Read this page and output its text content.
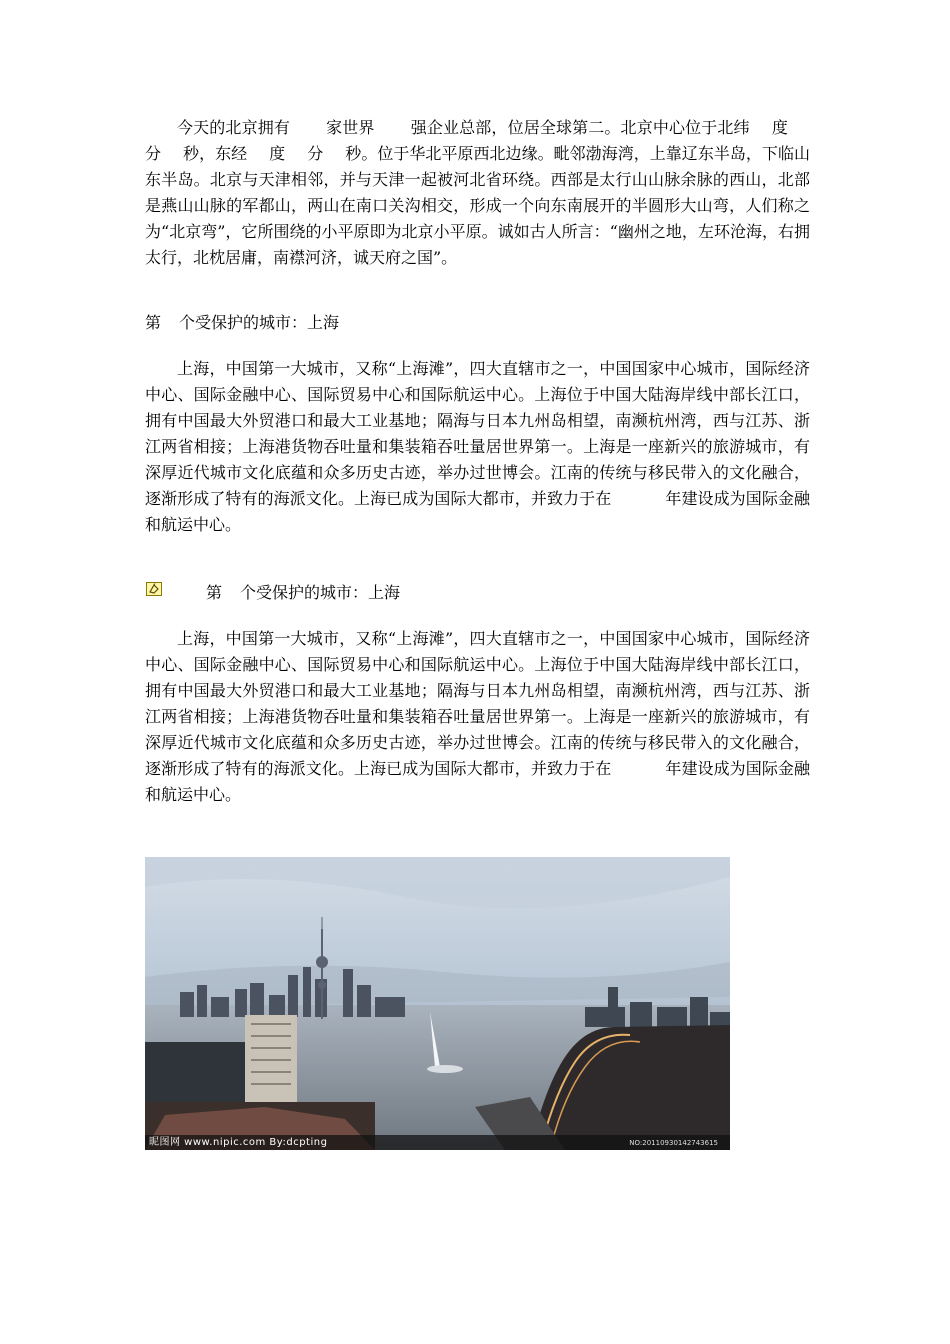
今天的北京拥有 家世界 强企业总部，位居全球第二。北京中心位于北纬 度分 秒，东经 度 分 秒。位于华北平原西北边缘。毗邻渤海湾，上靠辽东半岛，下临山东半岛。北京与天津相邻，并与天津一起被河北省环绕。西部是太行山山脉余脉的西山，北部是燕山山脉的军都山，两山在南口关沟相交，形成一个向东南展开的半圆形大山弯，人们称之为“北京弯”，它所围绕的小平原即为北京小平原。诚如古人所言：“幽州之地，左环沧海，右拥太行，北枕居庸，南襟河济，诚天府之国”。

第 个受保护的城市：上海

上海，中国第一大城市，又称“上海滩”，四大直辖市之一，中国国家中心城市，国际经济中心、国际金融中心、国际贸易中心和国际航运中心。上海位于中国大陆海岸线中部长江口，拥有中国最大外贸港口和最大工业基地；隔海与日本九州岛相望，南濒杭州湾，西与江苏、浙江两省相接；上海港货物吞吐量和集装箱吞吐量居世界第一。上海是一座新兴的旅游城市，有深厚近代城市文化底蕴和众多历史古迹，举办过世博会。江南的传统与移民带入的文化融合，逐渐形成了特有的海派文化。上海已成为国际大都市，并致力于在	年建设成为国际金融和航运中心。

第 个受保护的城市：上海

上海，中国第一大城市，又称“上海滩”，四大直辖市之一，中国国家中心城市，国际经济中心、国际金融中心、国际贸易中心和国际航运中心。上海位于中国大陆海岸线中部长江口，拥有中国最大外贸港口和最大工业基地；隔海与日本九州岛相望，南濒杭州湾，西与江苏、浙江两省相接；上海港货物吞吐量和集装箱吞吐量居世界第一。上海是一座新兴的旅游城市，有深厚近代城市文化底蕴和众多历史古迹，举办过世博会。江南的传统与移民带入的文化融合，逐渐形成了特有的海派文化。上海已成为国际大都市，并致力于在	年建设成为国际金融和航运中心。

昵图网 www.nipic.com By:dcpting	NO:20110930142743615
